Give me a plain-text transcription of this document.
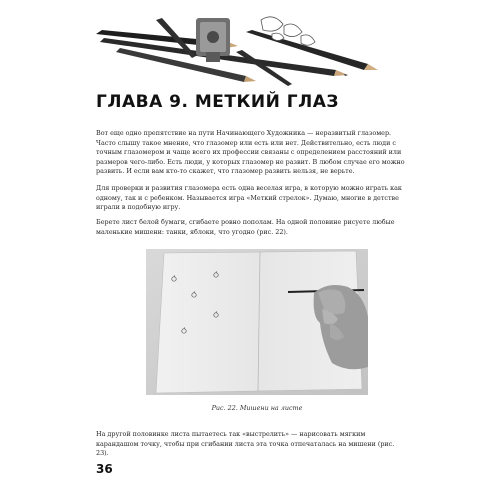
ГЛАВА 9. МЕТКИЙ ГЛАЗ

Вот еще одно препятствие на пути Начинающего Художника — неразвитый глазомер. Часто слышу такое мнение, что глазомер или есть или нет. Действительно, есть люди с точным глазомером и чаще всего их профессии связаны с определением расстояний или размеров чего-либо. Есть люди, у которых глазомер не развит. В любом случае его можно развить. И если вам кто-то скажет, что глазомер развить нельзя, не верьте.

Для проверки и развития глазомера есть одна веселая игра, в которую можно играть как одному, так и с ребенком. Называется игра «Меткий стрелок». Думаю, многие в детстве играли в подобную игру.

Берете лист белой бумаги, сгибаете ровно пополам. На одной половине рисуете любые маленькие мишени: танки, яблоки, что угодно (рис. 22).

Рис. 22. Мишени на листе

На другой половинке листа пытаетесь так «выстрелить» — нарисовать мягким карандашом точку, чтобы при сгибании листа эта точка отпечаталась на мишени (рис. 23).

36
